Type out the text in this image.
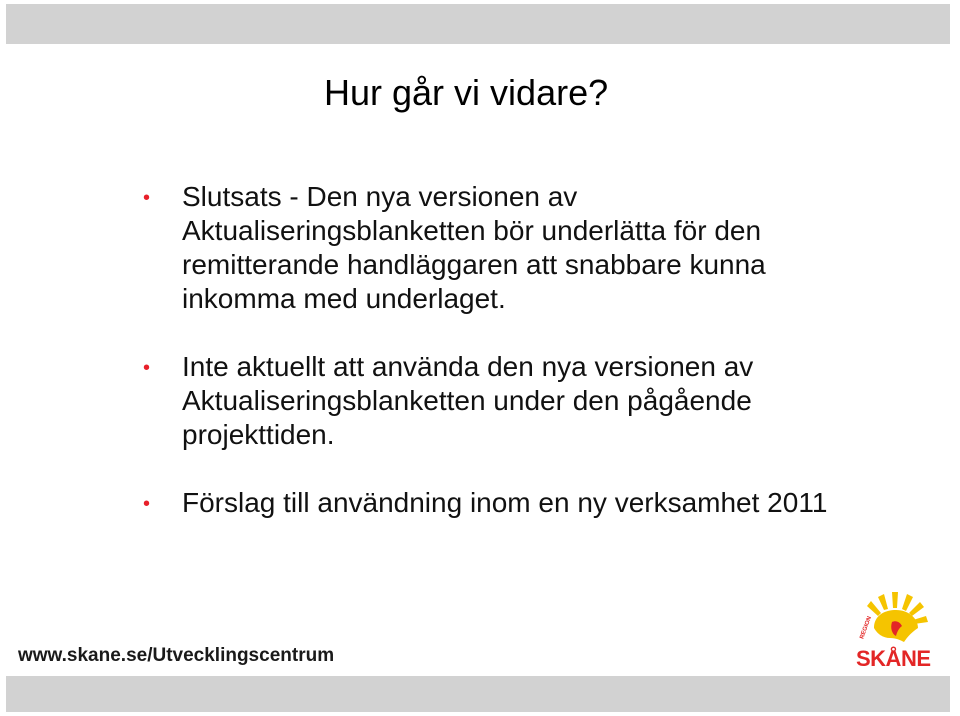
Hur går vi vidare?
• Slutsats - Den nya versionen av Aktualiseringsblanketten bör underlätta för den remitterande handläggaren att snabbare kunna inkomma med underlaget.
• Inte aktuellt att använda den nya versionen av Aktualiseringsblanketten under den pågående projekttiden.
• Förslag till användning inom en ny verksamhet 2011
www.skane.se/Utvecklingscentrum
REGION
SKÅNE
